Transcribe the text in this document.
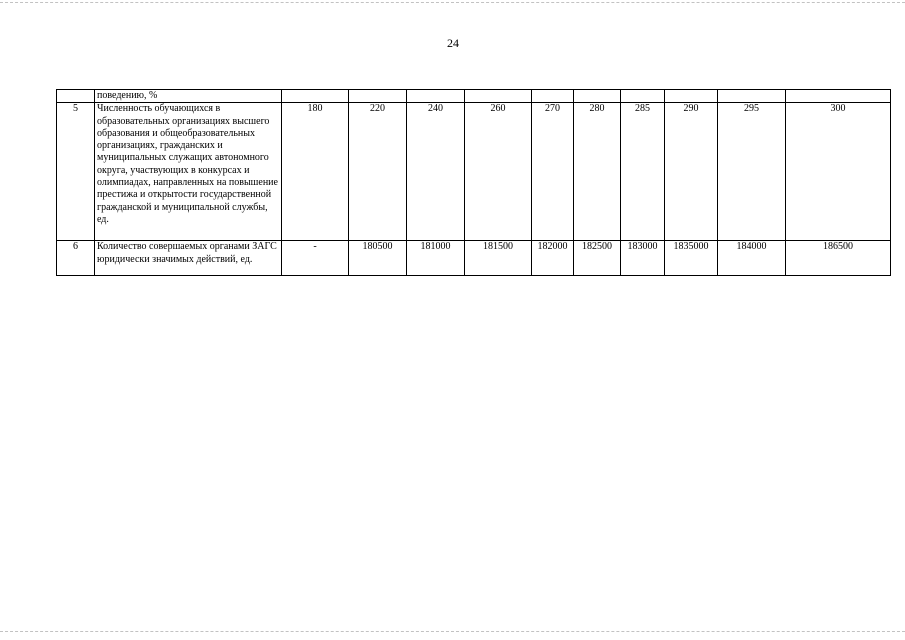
24
	поведению, %										
5	Численность обучающихся в образовательных организациях высшего образования и общеобразовательных организациях, гражданских и муниципальных служащих автономного округа, участвующих в конкурсах и олимпиадах, направленных на повышение престижа и открытости государственной гражданской и муниципальной службы, ед.	180	220	240	260	270	280	285	290	295	300
6	Количество совершаемых органами ЗАГС юридически значимых действий, ед.	-	180500	181000	181500	182000	182500	183000	1835000	184000	186500
